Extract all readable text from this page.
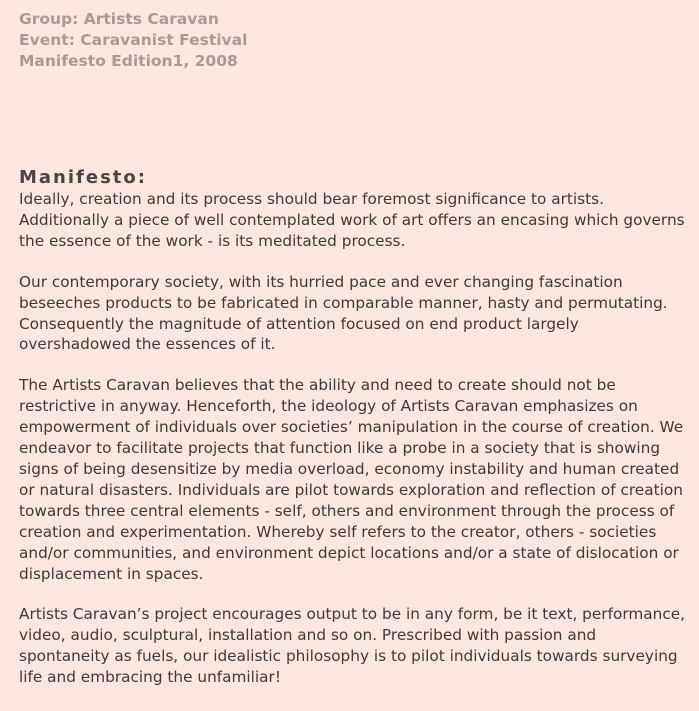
Group: Artists Caravan
Event: Caravanist Festival
Manifesto Edition1, 2008
Manifesto:

Ideally, creation and its process should bear foremost significance to artists. Additionally a piece of well contemplated work of art offers an encasing which governs the essence of the work - is its meditated process.

Our contemporary society, with its hurried pace and ever changing fascination beseeches products to be fabricated in comparable manner, hasty and permutating. Consequently the magnitude of attention focused on end product largely overshadowed the essences of it.

The Artists Caravan believes that the ability and need to create should not be restrictive in anyway. Henceforth, the ideology of Artists Caravan emphasizes on empowerment of individuals over societies’ manipulation in the course of creation. We endeavor to facilitate projects that function like a probe in a society that is showing signs of being desensitize by media overload, economy instability and human created or natural disasters. Individuals are pilot towards exploration and reflection of creation towards three central elements - self, others and environment through the process of creation and experimentation. Whereby self refers to the creator, others - societies and/or communities, and environment depict locations and/or a state of dislocation or displacement in spaces.

Artists Caravan’s project encourages output to be in any form, be it text, performance, video, audio, sculptural, installation and so on. Prescribed with passion and spontaneity as fuels, our idealistic philosophy is to pilot individuals towards surveying life and embracing the unfamiliar!
